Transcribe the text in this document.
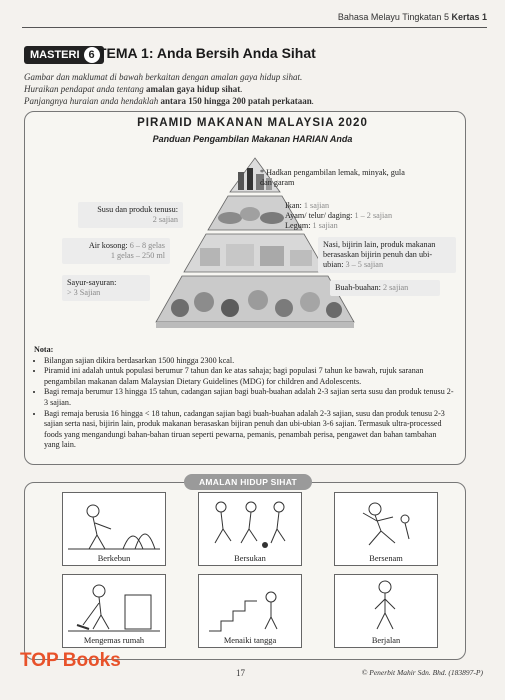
Bahasa Melayu Tingkatan 5 Kertas 1
MASTERI 6 TEMA 1: Anda Bersih Anda Sihat
Gambar dan maklumat di bawah berkaitan dengan amalan gaya hidup sihat.
Huraikan pendapat anda tentang amalan gaya hidup sihat.
Panjangnya huraian anda hendaklah antara 150 hingga 200 patah perkataan.
PIRAMID MAKANAN MALAYSIA 2020
Panduan Pengambilan Makanan HARIAN Anda
* Hadkan pengambilan lemak, minyak, gula dan garam
Susu dan produk tenusu:
2 sajian
Ikan: 1 sajian
Ayam/ telur/ daging: 1 – 2 sajian
Legum: 1 sajian
Air kosong: 6 – 8 gelas
1 gelas – 250 ml
Nasi, bijirin lain, produk makanan berasaskan bijirin penuh dan ubi-ubian: 3 – 5 sajian
Sayur-sayuran:
> 3 Sajian
Buah-buahan: 2 sajian
Nota:
• Bilangan sajian dikira berdasarkan 1500 hingga 2300 kcal.
• Piramid ini adalah untuk populasi berumur 7 tahun dan ke atas sahaja; bagi populasi 7 tahun ke bawah, rujuk saranan pengambilan makanan dalam Malaysian Dietary Guidelines (MDG) for children and Adolescents.
• Bagi remaja berumur 13 hingga 15 tahun, cadangan sajian bagi buah-buahan adalah 2-3 sajian serta susu dan produk tenusu 2-3 sajian.
• Bagi remaja berusia 16 hingga < 18 tahun, cadangan sajian bagi buah-buahan adalah 2-3 sajian, susu dan produk tenusu 2-3 sajian serta nasi, bijirin lain, produk makanan berasaskan bijiran penuh dan ubi-ubian 3-6 sajian. Termasuk ultra-processed foods yang mengandungi bahan-bahan tiruan seperti pewarna, pemanis, penambah perisa, pengawet dan bahan tambahan yang lain.
AMALAN HIDUP SIHAT
Berkebun	Bersukan	Bersenam
Mengemas rumah	Menaiki tangga	Berjalan
17	© Penerbit Mahir Sdn. Bhd. (183897-P)
TOP Books
